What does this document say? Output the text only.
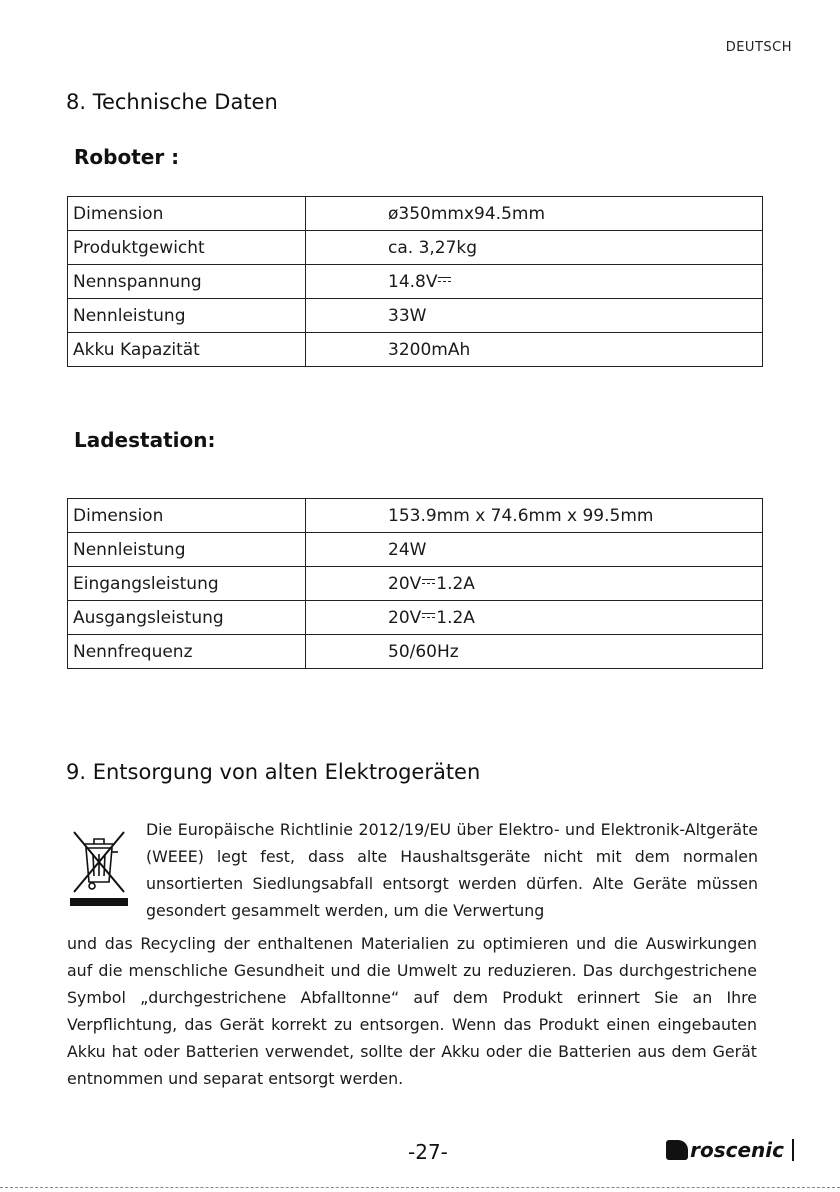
DEUTSCH
8. Technische Daten
Roboter :
Dimension	ø350mmx94.5mm
Produktgewicht	ca. 3,27kg
Nennspannung	14.8V
Nennleistung	33W
Akku Kapazität	3200mAh
Ladestation:
Dimension	153.9mm x 74.6mm x 99.5mm
Nennleistung	24W
Eingangsleistung	20V 1.2A
Ausgangsleistung	20V 1.2A
Nennfrequenz	50/60Hz
9. Entsorgung von alten Elektrogeräten

Die Europäische Richtlinie 2012/19/EU über Elektro- und Elektronik-Altgeräte (WEEE) legt fest, dass alte Haushaltsgeräte nicht mit dem normalen unsortierten Siedlungsabfall entsorgt werden dürfen. Alte Geräte müssen gesondert gesammelt werden, um die Verwertung

und das Recycling der enthaltenen Materialien zu optimieren und die Auswirkungen auf die menschliche Gesundheit und die Umwelt zu reduzieren. Das durchgestrichene Symbol „durchgestrichene Abfalltonne“ auf dem Produkt erinnert Sie an Ihre Verpflichtung, das Gerät korrekt zu entsorgen. Wenn das Produkt einen eingebauten Akku hat oder Batterien verwendet, sollte der Akku oder die Batterien aus dem Gerät entnommen und separat entsorgt werden.

-27-	roscenic
